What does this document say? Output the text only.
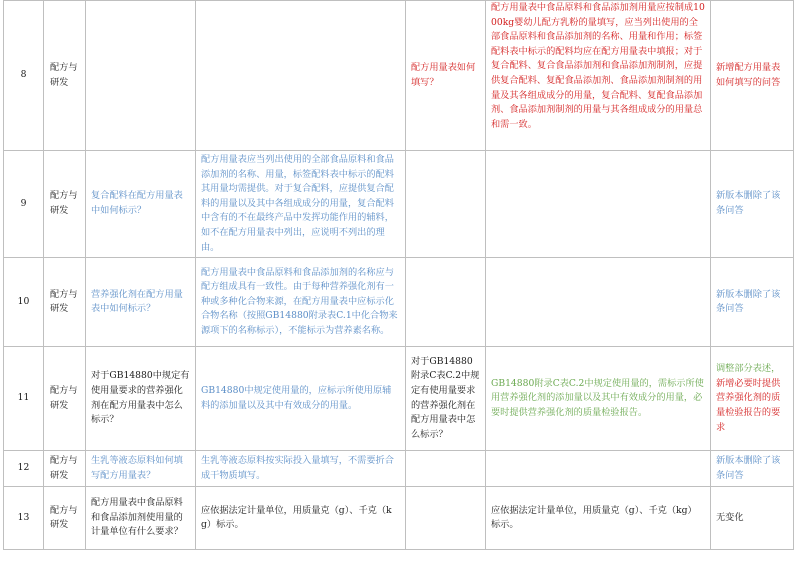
8	配方与研发			配方用量表如何填写？	配方用量表中食品原料和食品添加剂用量应按制成1000kg婴幼儿配方乳粉的量填写，应当列出使用的全部食品原料和食品添加剂的名称、用量和作用；标签配料表中标示的配料均应在配方用量表中填报；对于复合配料、复合食品添加剂和食品添加剂制剂，应提供复合配料、复配食品添加剂、食品添加剂制剂的用量及其各组成成分的用量，复合配料、复配食品添加剂、食品添加剂制剂的用量与其各组成成分的用量总和需一致。	新增配方用量表如何填写的问答
9	配方与研发	复合配料在配方用量表中如何标示？	配方用量表应当列出使用的全部食品原料和食品添加剂的名称、用量，标签配料表中标示的配料其用量均需提供。对于复合配料，应提供复合配料的用量以及其中各组成成分的用量，复合配料中含有的不在最终产品中发挥功能作用的辅料，如不在配方用量表中列出，应说明不列出的理由。			新版本删除了该条问答
10	配方与研发	营养强化剂在配方用量表中如何标示？	配方用量表中食品原料和食品添加剂的名称应与配方组成具有一致性。由于每种营养强化剂有一种或多种化合物来源，在配方用量表中应标示化合物名称（按照GB14880附录表C.1中化合物来源项下的名称标示），不能标示为营养素名称。			新版本删除了该条问答
11	配方与研发	对于GB14880中规定有使用量要求的营养强化剂在配方用量表中怎么标示？	GB14880中规定使用量的，应标示所使用原辅料的添加量以及其中有效成分的用量。	对于GB14880附录C表C.2中规定有使用量要求的营养强化剂在配方用量表中怎么标示？	GB14880附录C表C.2中规定使用量的，需标示所使用营养强化剂的添加量以及其中有效成分的用量，必要时提供营养强化剂的质量检验报告。	调整部分表述，新增必要时提供营养强化剂的质量检验报告的要求
12	配方与研发	生乳等液态原料如何填写配方用量表？	生乳等液态原料按实际投入量填写，不需要折合成干物质填写。			新版本删除了该条问答
13	配方与研发	配方用量表中食品原料和食品添加剂使用量的计量单位有什么要求？	应依据法定计量单位，用质量克（g）、千克（kg）标示。		应依据法定计量单位，用质量克（g）、千克（kg）标示。	无变化
